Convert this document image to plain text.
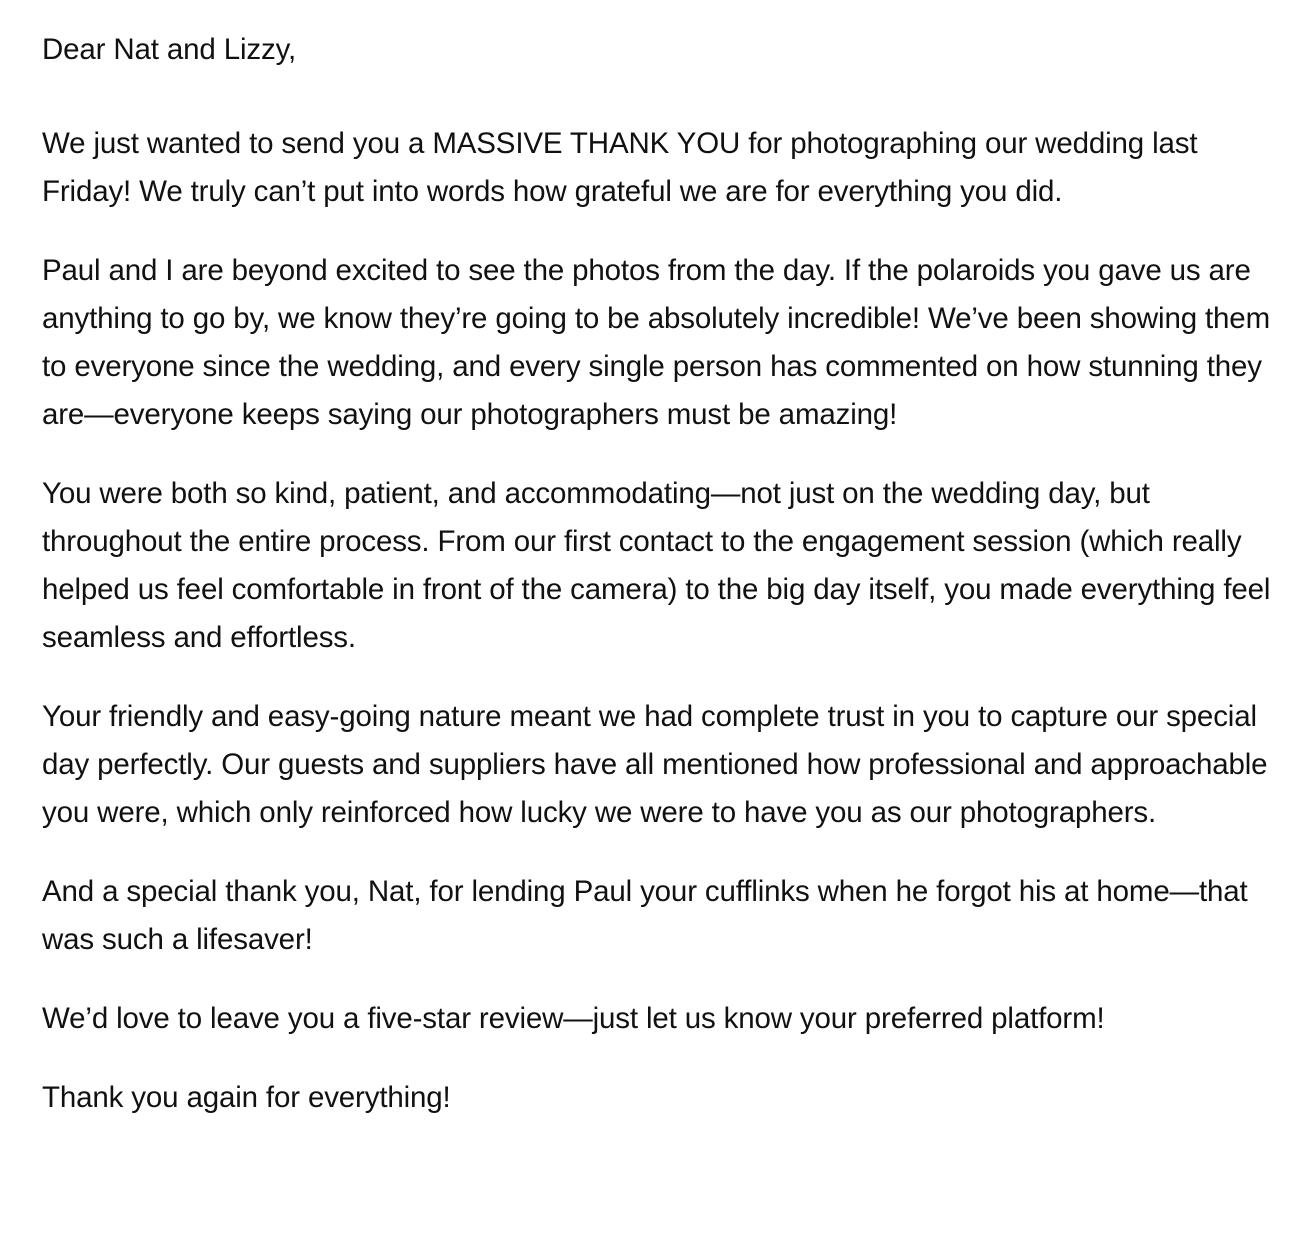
Dear Nat and Lizzy,

We just wanted to send you a MASSIVE THANK YOU for photographing our wedding last Friday! We truly can’t put into words how grateful we are for everything you did.

Paul and I are beyond excited to see the photos from the day. If the polaroids you gave us are anything to go by, we know they’re going to be absolutely incredible! We’ve been showing them to everyone since the wedding, and every single person has commented on how stunning they are—everyone keeps saying our photographers must be amazing!

You were both so kind, patient, and accommodating—not just on the wedding day, but throughout the entire process. From our first contact to the engagement session (which really helped us feel comfortable in front of the camera) to the big day itself, you made everything feel seamless and effortless.

Your friendly and easy-going nature meant we had complete trust in you to capture our special day perfectly. Our guests and suppliers have all mentioned how professional and approachable you were, which only reinforced how lucky we were to have you as our photographers.

And a special thank you, Nat, for lending Paul your cufflinks when he forgot his at home—that was such a lifesaver!

We’d love to leave you a five-star review—just let us know your preferred platform!

Thank you again for everything!
